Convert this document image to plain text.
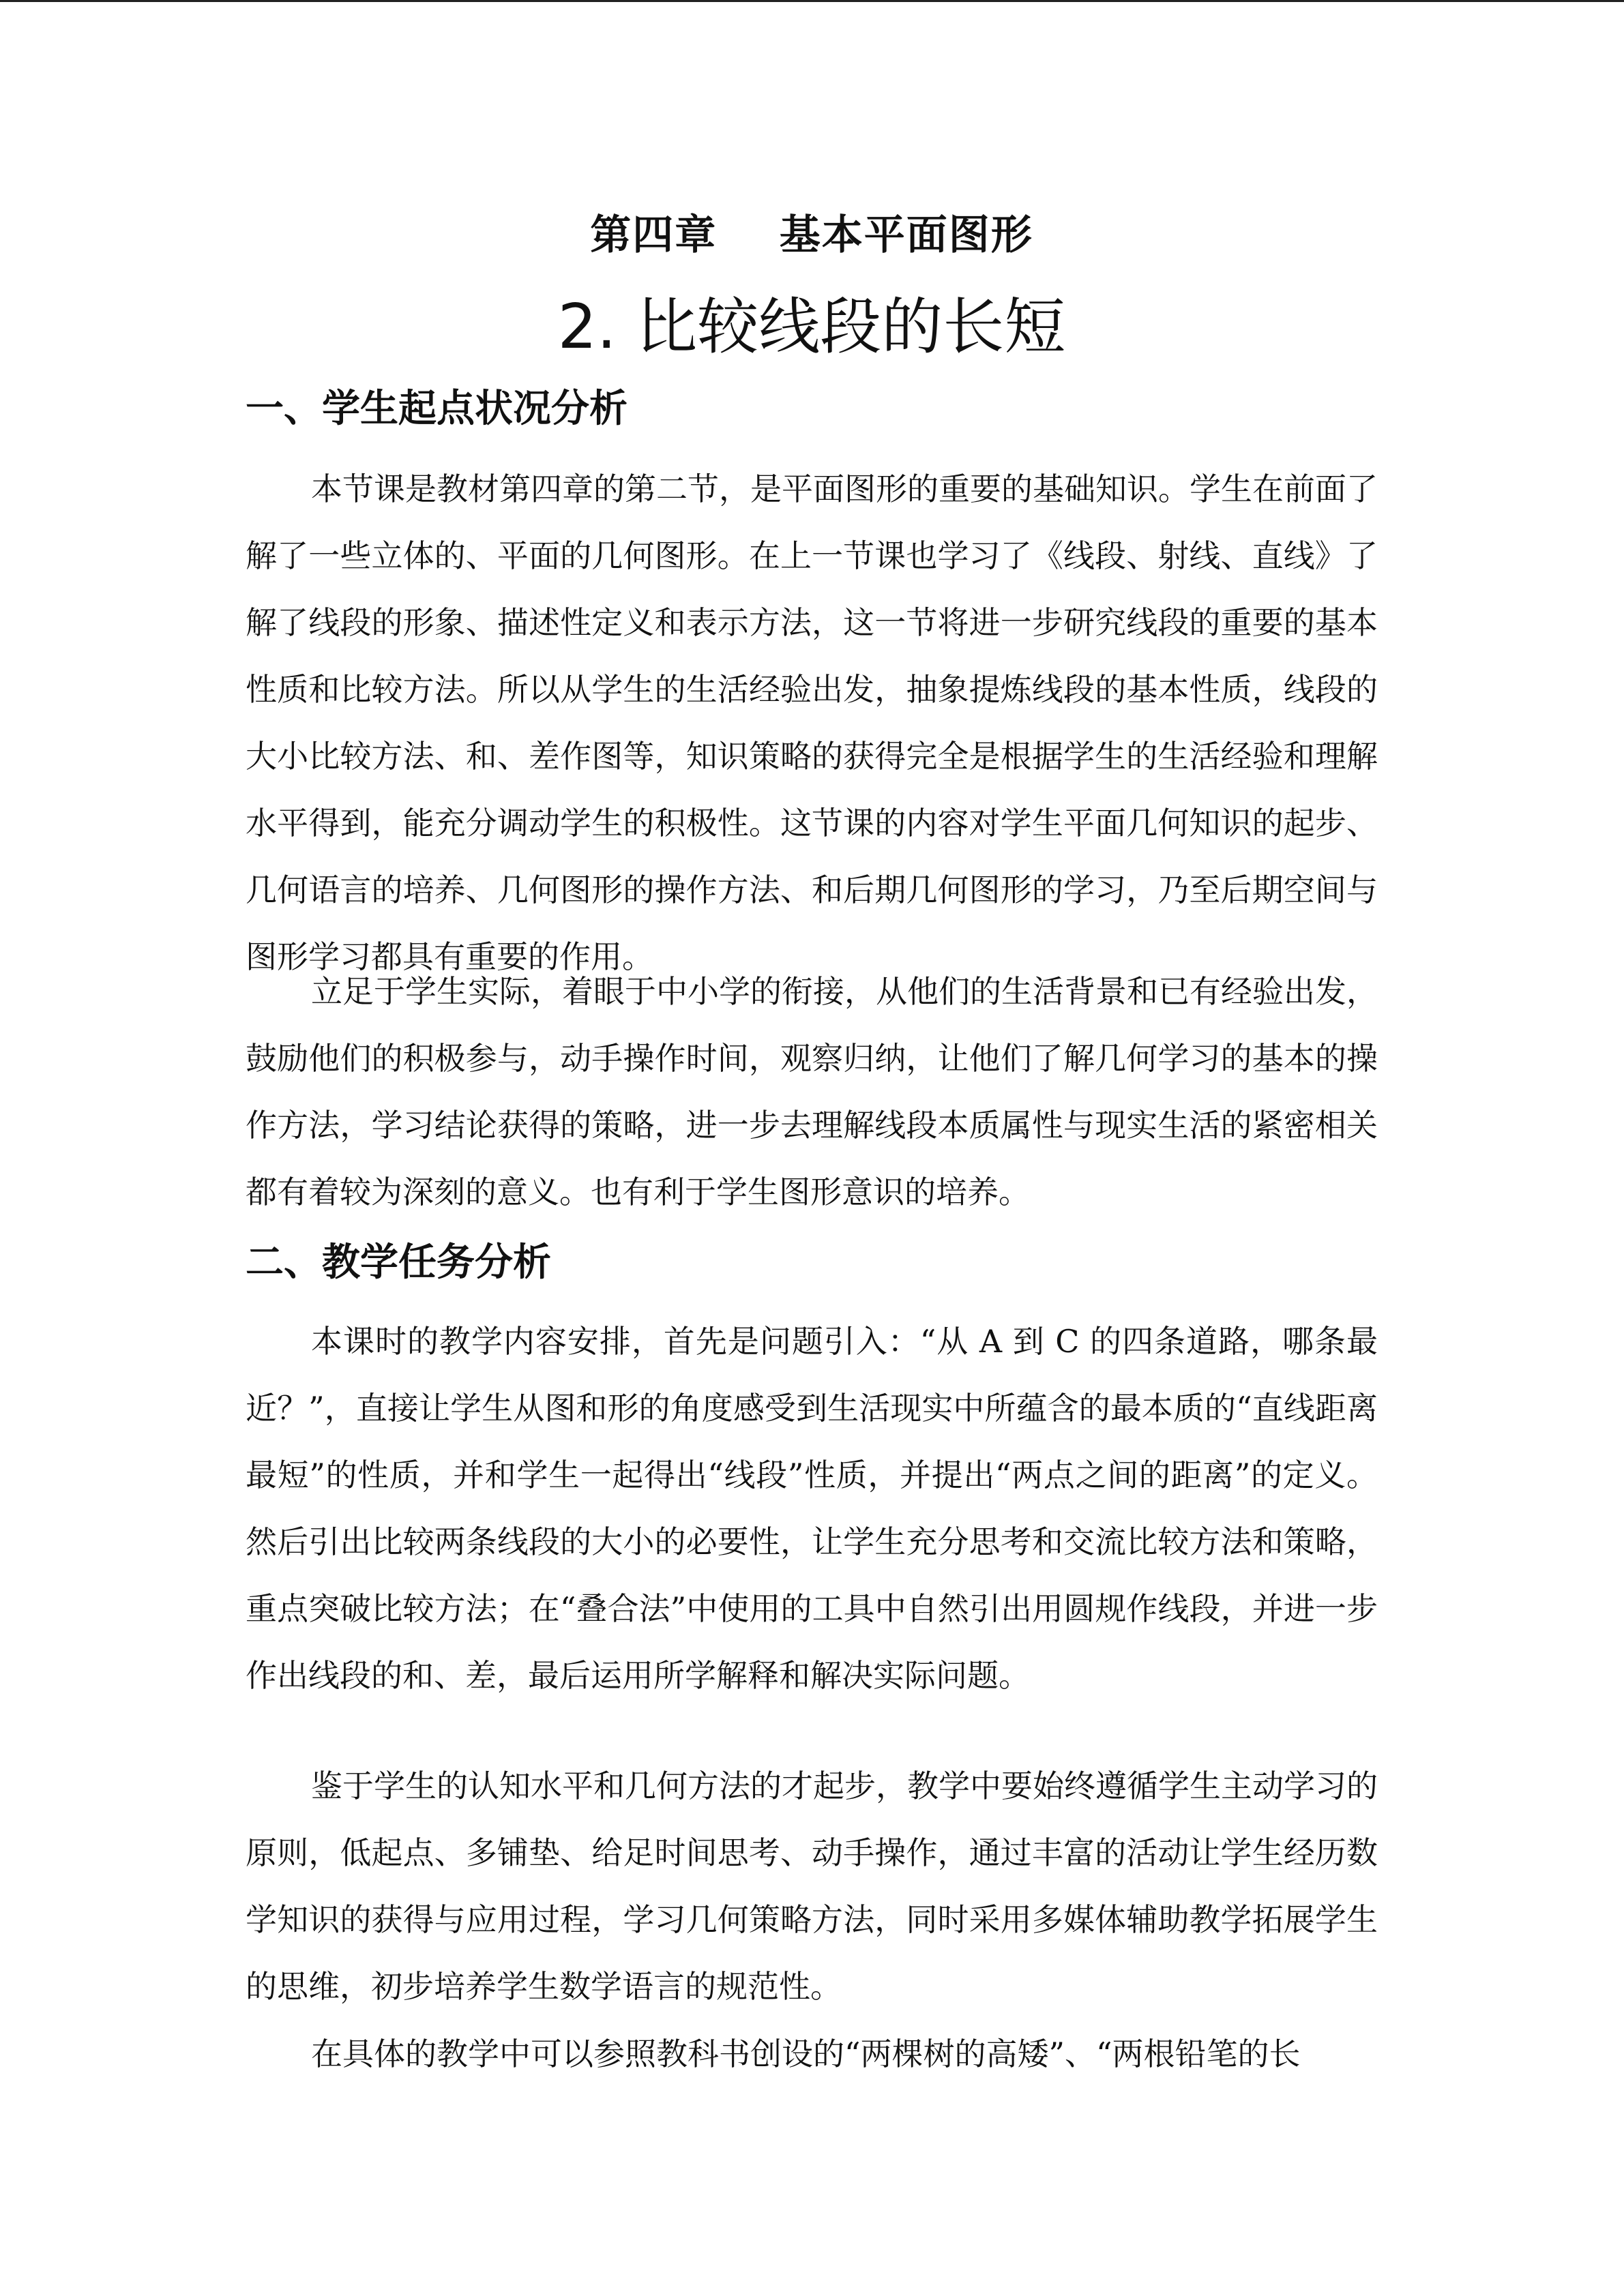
第四章    基本平面图形
2. 比较线段的长短
一、学生起点状况分析

本节课是教材第四章的第二节，是平面图形的重要的基础知识。学生在前面了解了一些立体的、平面的几何图形。在上一节课也学习了《线段、射线、直线》了解了线段的形象、描述性定义和表示方法，这一节将进一步研究线段的重要的基本性质和比较方法。所以从学生的生活经验出发，抽象提炼线段的基本性质，线段的大小比较方法、和、差作图等，知识策略的获得完全是根据学生的生活经验和理解水平得到，能充分调动学生的积极性。这节课的内容对学生平面几何知识的起步、几何语言的培养、几何图形的操作方法、和后期几何图形的学习，乃至后期空间与图形学习都具有重要的作用。

立足于学生实际，着眼于中小学的衔接，从他们的生活背景和已有经验出发，鼓励他们的积极参与，动手操作时间，观察归纳，让他们了解几何学习的基本的操作方法，学习结论获得的策略，进一步去理解线段本质属性与现实生活的紧密相关都有着较为深刻的意义。也有利于学生图形意识的培养。

二、教学任务分析

本课时的教学内容安排，首先是问题引入：“从 A 到 C 的四条道路，哪条最近？”，直接让学生从图和形的角度感受到生活现实中所蕴含的最本质的“直线距离最短”的性质，并和学生一起得出“线段”性质，并提出“两点之间的距离”的定义。然后引出比较两条线段的大小的必要性，让学生充分思考和交流比较方法和策略，重点突破比较方法；在“叠合法”中使用的工具中自然引出用圆规作线段，并进一步作出线段的和、差，最后运用所学解释和解决实际问题。

鉴于学生的认知水平和几何方法的才起步，教学中要始终遵循学生主动学习的原则，低起点、多铺垫、给足时间思考、动手操作，通过丰富的活动让学生经历数学知识的获得与应用过程，学习几何策略方法，同时采用多媒体辅助教学拓展学生的思维，初步培养学生数学语言的规范性。

在具体的教学中可以参照教科书创设的“两棵树的高矮”、“两根铅笔的长
